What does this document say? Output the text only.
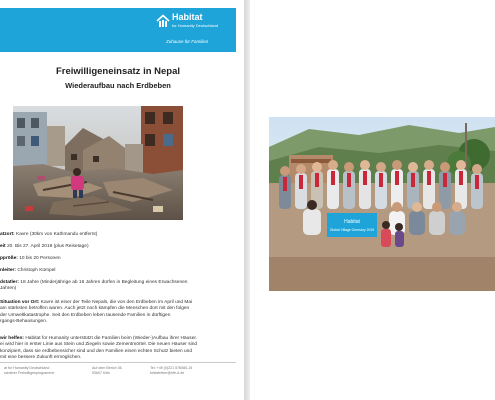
Habitat
for Humanity Deutschland
Zuhause für Familien
Freiwilligeneinsatz in Nepal
Wiederaufbau nach Erdbeben
atzort: Kavre (30km von Kathmandu entfernt)
eit 20. Bis 27. April 2019 (plus Reisetage)
ppröße: 10 bis 20 Personen
nleiter: Christoph Kümpel
dstatler: 18 Jahre (Minderjährige ab 16 Jahren dürfen in Begleitung eines Erwachsenen
Jahren)
Situation vor Ort: Kavre ist einer der Teile Nepals, die von den Erdbeben im April und Mai
am stärksten betroffen waren. Auch jetzt noch kämpfen die Menschen dort mit den folgen
der Umweltkatastrophe. Seit den Erdbeben leben tausende Familien in dürftigen
rgangs-Behausungen.
wir helfen: Habitat for Humanity unterstützt die Familien beim (Wieder-)Aufbau ihrer Häuser.
ei wird hier in erster Linie aus Stein und Ziegeln sowie Zementmörtel. Die neuen Häuser sind
konzipiert, dass sie erdbebensicher sind und den Familien einen echten Schutz bieten und
mit eine bessere Zukunft ermöglichen.
at for Humanity Deutschland
siederer Freiwilligenprogramme
Auf dem Berich 36
53607 Köln
Tel: +49 (0)221 576080-15
brittaferber@hfh-d.de
Habitat
Global Village Germany 2019
